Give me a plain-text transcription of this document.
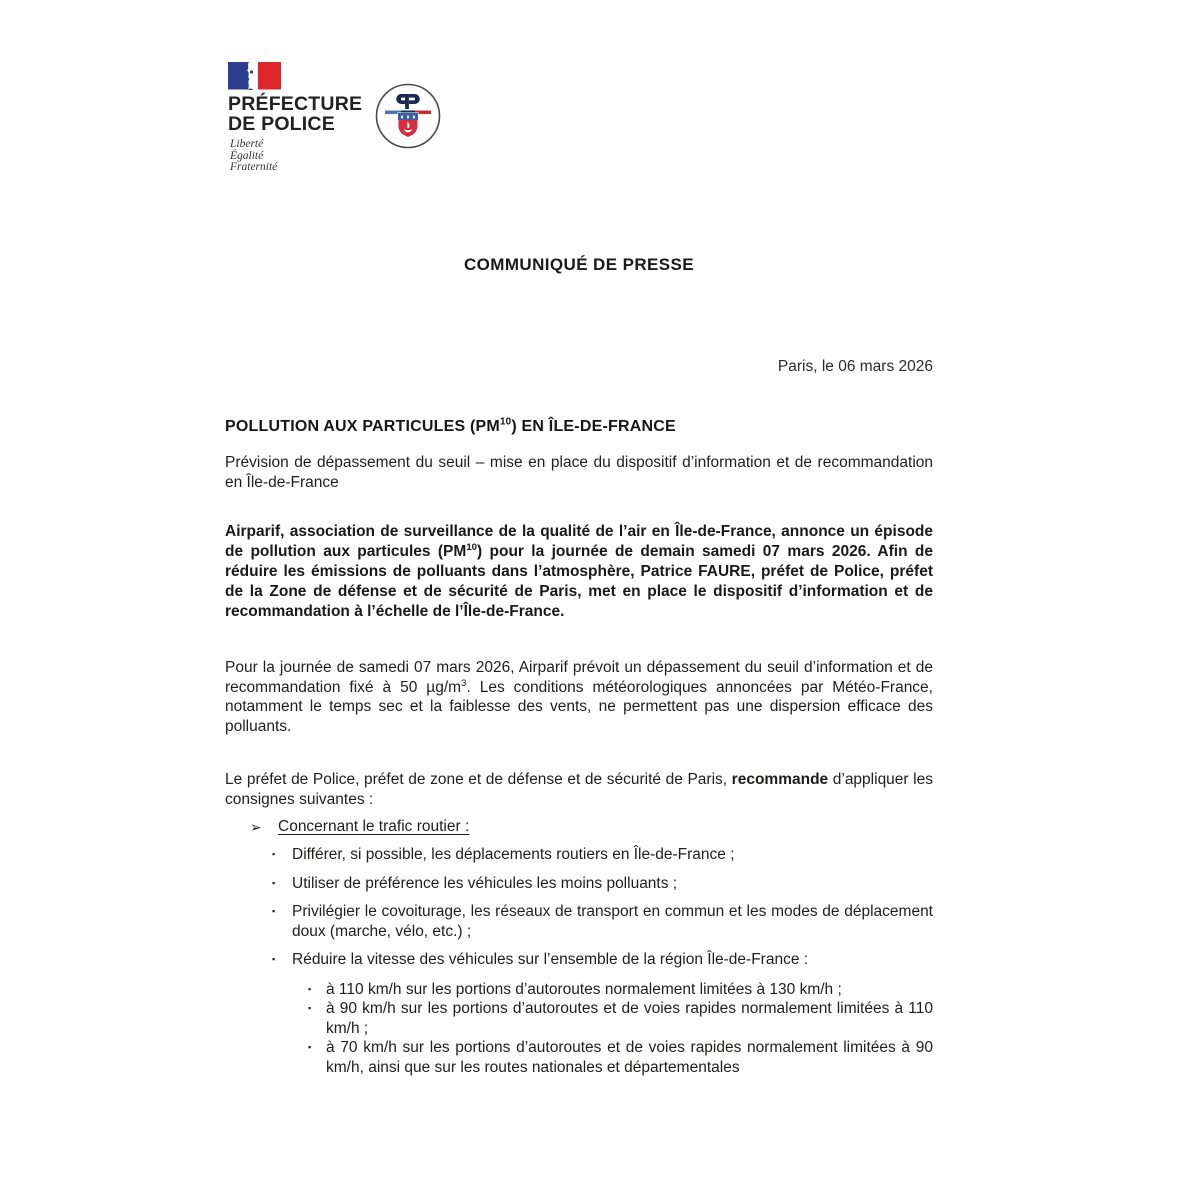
PRÉFECTURE
DE POLICE
Liberté
Égalité
Fraternité
COMMUNIQUÉ DE PRESSE
Paris, le 06 mars 2026
POLLUTION AUX PARTICULES (PM$^{10}$) EN ÎLE-DE-FRANCE
Prévision de dépassement du seuil – mise en place du dispositif d’information et de recommandation en Île-de-France
Airparif, association de surveillance de la qualité de l’air en Île-de-France, annonce un épisode de pollution aux particules (PM$^{10}$) pour la journée de demain samedi 07 mars 2026. Afin de réduire les émissions de polluants dans l’atmosphère, Patrice FAURE, préfet de Police, préfet de la Zone de défense et de sécurité de Paris, met en place le dispositif d’information et de recommandation à l’échelle de l’Île-de-France.
Pour la journée de samedi 07 mars 2026, Airparif prévoit un dépassement du seuil d’information et de recommandation fixé à 50 $\mu g/m^3$. Les conditions météorologiques annoncées par Météo-France, notamment le temps sec et la faiblesse des vents, ne permettent pas une dispersion efficace des polluants.
Le préfet de Police, préfet de zone et de défense et de sécurité de Paris, recommande d’appliquer les consignes suivantes :
➢	Concernant le trafic routier :
▪	Différer, si possible, les déplacements routiers en Île-de-France ;
▪	Utiliser de préférence les véhicules les moins polluants ;
▪	Privilégier le covoiturage, les réseaux de transport en commun et les modes de déplacement doux (marche, vélo, etc.) ;
▪	Réduire la vitesse des véhicules sur l’ensemble de la région Île-de-France :
▪ à 110 km/h sur les portions d’autoroutes normalement limitées à 130 km/h ;
▪ à 90 km/h sur les portions d’autoroutes et de voies rapides normalement limitées à 110 km/h ;
▪ à 70 km/h sur les portions d’autoroutes et de voies rapides normalement limitées à 90 km/h, ainsi que sur les routes nationales et départementales
